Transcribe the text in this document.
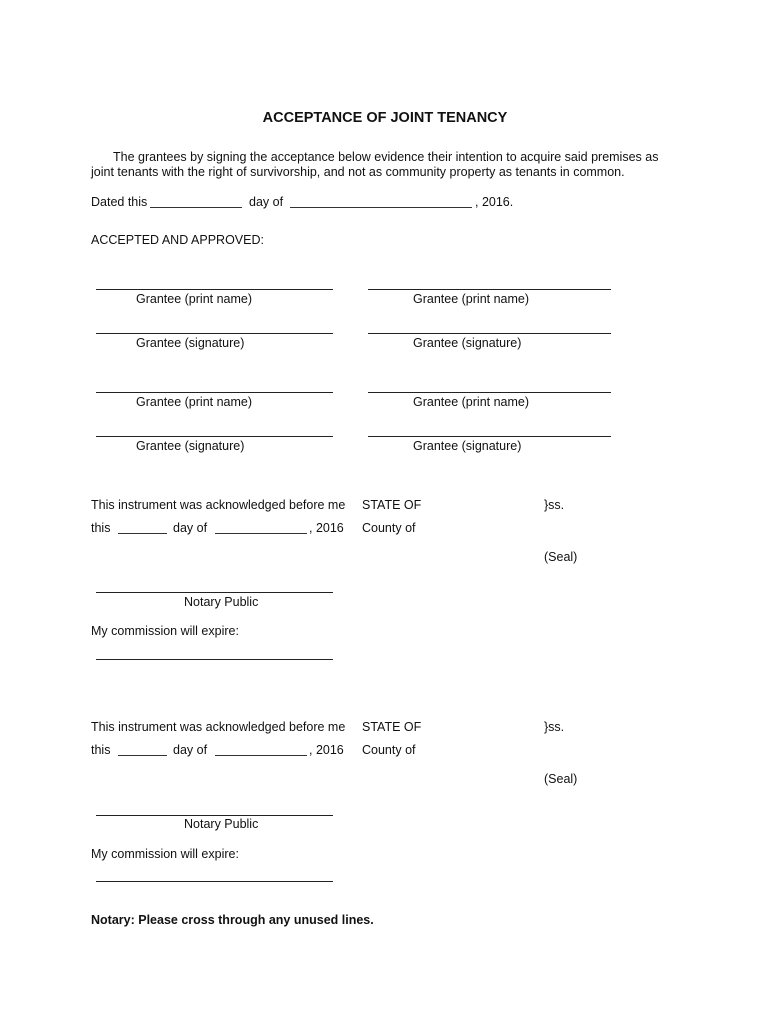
ACCEPTANCE OF JOINT TENANCY
The grantees by signing the acceptance below evidence their intention to acquire said premises as
joint tenants with the right of survivorship, and not as community property as tenants in common.
Dated this	day of	, 2016.
ACCEPTED AND APPROVED:
Grantee (print name)	Grantee (print name)
Grantee (signature)	Grantee (signature)
Grantee (print name)	Grantee (print name)
Grantee (signature)	Grantee (signature)
This instrument was acknowledged before me STATE OF	}ss.
this	day of	, 2016 County of
(Seal)
Notary Public
My commission will expire:
This instrument was acknowledged before me STATE OF	}ss.
this	day of	, 2016 County of
(Seal)
Notary Public
My commission will expire:
Notary: Please cross through any unused lines.
